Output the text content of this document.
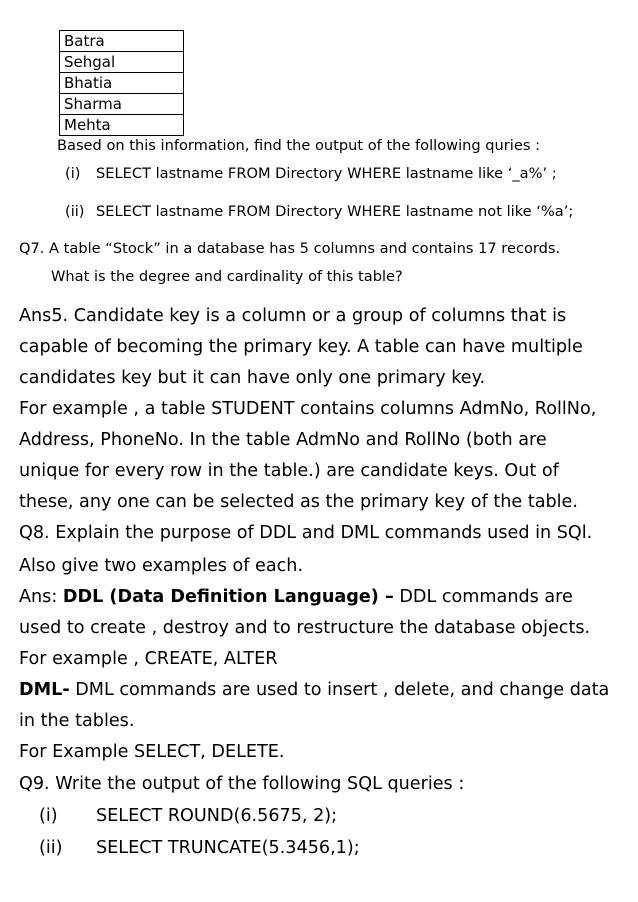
Batra
Sehgal
Bhatia
Sharma
Mehta
Based on this information, find the output of the following quries :
(i) SELECT lastname FROM Directory WHERE lastname like ‘_a%’ ;
(ii) SELECT lastname FROM Directory WHERE lastname not like ‘%a’;
Q7. A table “Stock” in a database has 5 columns and contains 17 records.
What is the degree and cardinality of this table?
Ans5. Candidate key is a column or a group of columns that is
capable of becoming the primary key. A table can have multiple
candidates key but it can have only one primary key.
For example , a table STUDENT contains columns AdmNo, RollNo,
Address, PhoneNo. In the table AdmNo and RollNo (both are
unique for every row in the table.) are candidate keys. Out of
these, any one can be selected as the primary key of the table.
Q8. Explain the purpose of DDL and DML commands used in SQl.
Also give two examples of each.
Ans: DDL (Data Definition Language) – DDL commands are
used to create , destroy and to restructure the database objects.
For example , CREATE, ALTER
DML- DML commands are used to insert , delete, and change data
in the tables.
For Example SELECT, DELETE.
Q9. Write the output of the following SQL queries :
(i) SELECT ROUND(6.5675, 2);
(ii) SELECT TRUNCATE(5.3456,1);
